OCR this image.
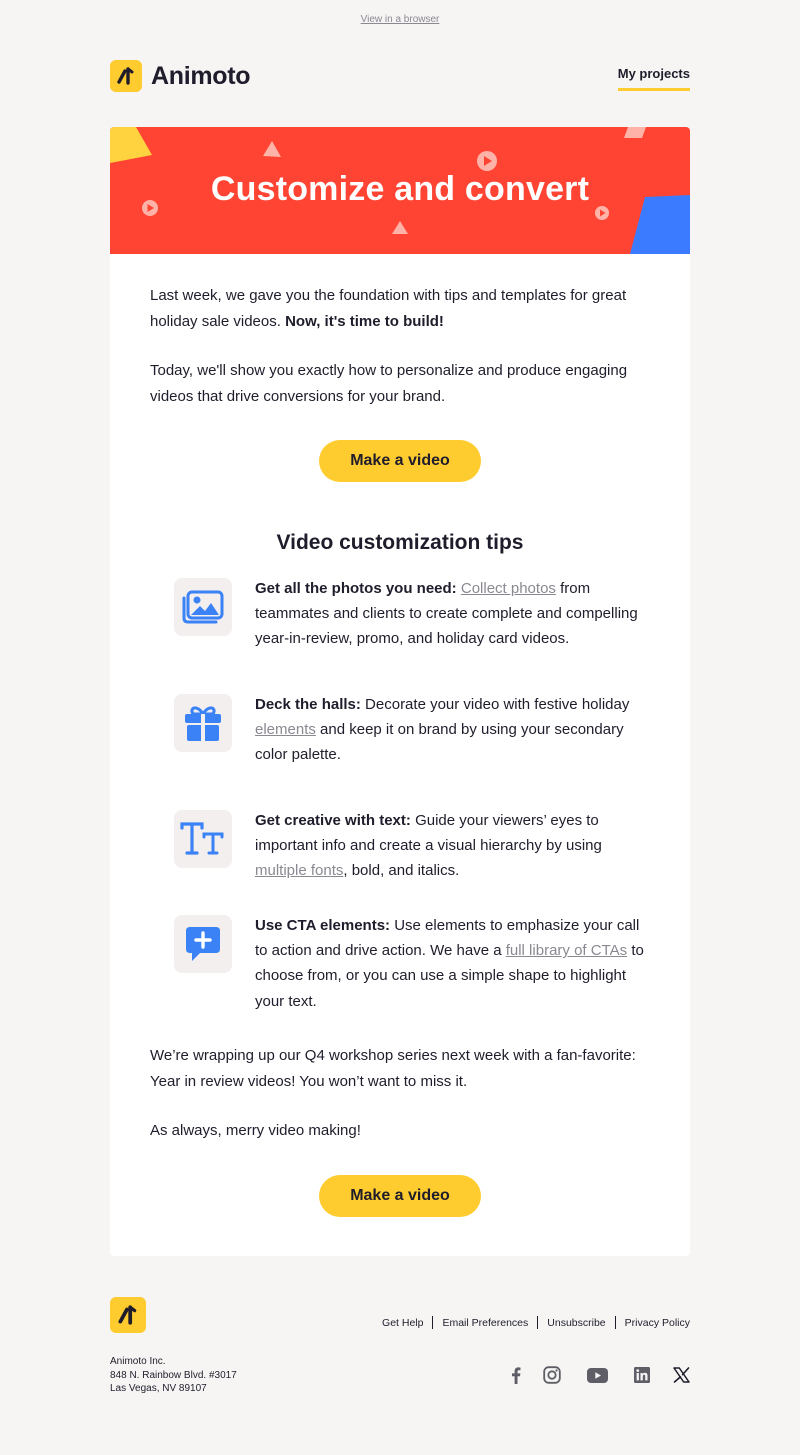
View in a browser
Animoto	My projects
Customize and convert

Last week, we gave you the foundation with tips and templates for great holiday sale videos. Now, it's time to build!

Today, we'll show you exactly how to personalize and produce engaging videos that drive conversions for your brand.

Make a video
Video customization tips

Get all the photos you need: Collect photos from teammates and clients to create complete and compelling year-in-review, promo, and holiday card videos.

Deck the halls: Decorate your video with festive holiday elements and keep it on brand by using your secondary color palette.

Get creative with text: Guide your viewers’ eyes to important info and create a visual hierarchy by using multiple fonts, bold, and italics.

Use CTA elements: Use elements to emphasize your call to action and drive action. We have a full library of CTAs to choose from, or you can use a simple shape to highlight your text.

We’re wrapping up our Q4 workshop series next week with a fan-favorite: Year in review videos! You won’t want to miss it.

As always, merry video making!

Make a video
Get Help Email Preferences Unsubscribe Privacy Policy
Animoto Inc.
848 N. Rainbow Blvd. #3017
Las Vegas, NV 89107
